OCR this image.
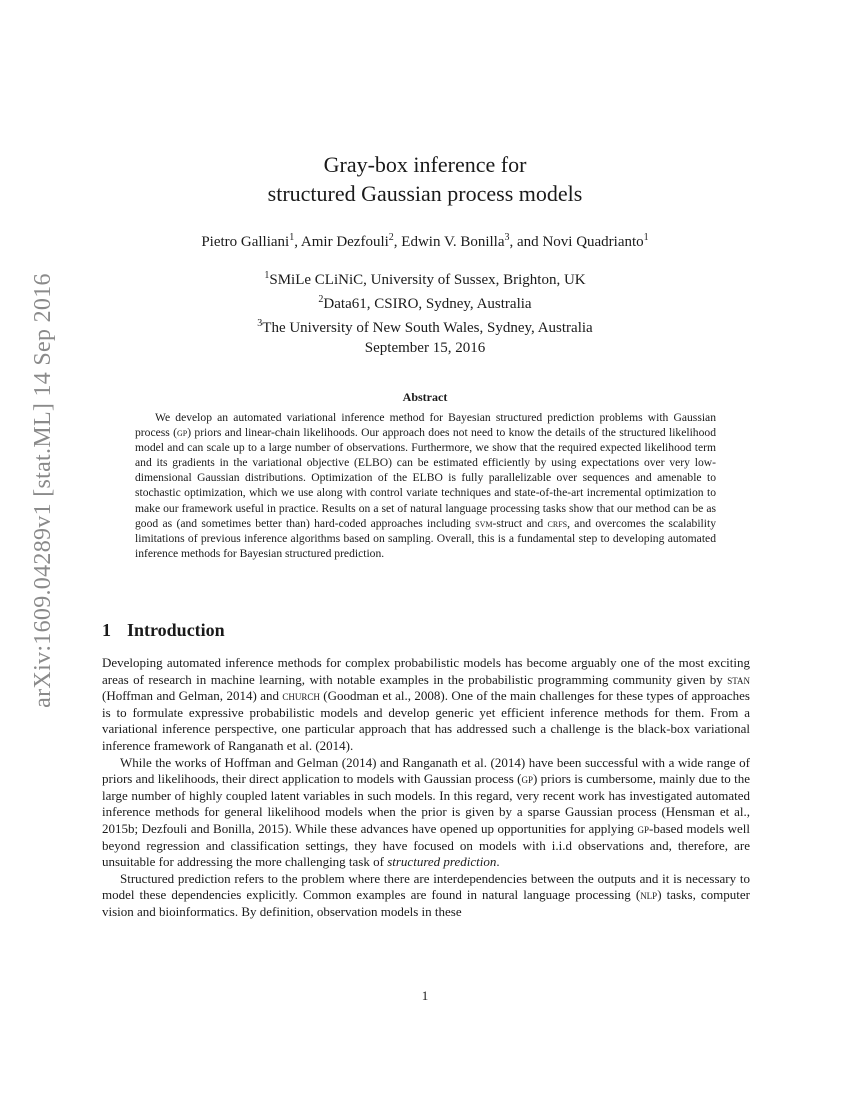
arXiv:1609.04289v1 [stat.ML] 14 Sep 2016
Gray-box inference for
structured Gaussian process models
Pietro Galliani$^1$, Amir Dezfouli$^2$, Edwin V. Bonilla$^3$, and Novi Quadrianto$^1$
$^1$SMiLe CLiNiC, University of Sussex, Brighton, UK
$^2$Data61, CSIRO, Sydney, Australia
$^3$The University of New South Wales, Sydney, Australia
September 15, 2016
Abstract
We develop an automated variational inference method for Bayesian structured prediction problems with Gaussian process (gp) priors and linear-chain likelihoods. Our approach does not need to know the details of the structured likelihood model and can scale up to a large number of observations. Furthermore, we show that the required expected likelihood term and its gradients in the variational objective (ELBO) can be estimated efficiently by using expectations over very low-dimensional Gaussian distributions. Optimization of the ELBO is fully parallelizable over sequences and amenable to stochastic optimization, which we use along with control variate techniques and state-of-the-art incremental optimization to make our framework useful in practice. Results on a set of natural language processing tasks show that our method can be as good as (and sometimes better than) hard-coded approaches including svm-struct and crfs, and overcomes the scalability limitations of previous inference algorithms based on sampling. Overall, this is a fundamental step to developing automated inference methods for Bayesian structured prediction.
1 Introduction

Developing automated inference methods for complex probabilistic models has become arguably one of the most exciting areas of research in machine learning, with notable examples in the probabilistic programming community given by stan (Hoffman and Gelman, 2014) and church (Goodman et al., 2008). One of the main challenges for these types of approaches is to formulate expressive probabilistic models and develop generic yet efficient inference methods for them. From a variational inference perspective, one particular approach that has addressed such a challenge is the black-box variational inference framework of Ranganath et al. (2014).

While the works of Hoffman and Gelman (2014) and Ranganath et al. (2014) have been successful with a wide range of priors and likelihoods, their direct application to models with Gaussian process (gp) priors is cumbersome, mainly due to the large number of highly coupled latent variables in such models. In this regard, very recent work has investigated automated inference methods for general likelihood models when the prior is given by a sparse Gaussian process (Hensman et al., 2015b; Dezfouli and Bonilla, 2015). While these advances have opened up opportunities for applying gp-based models well beyond regression and classification settings, they have focused on models with i.i.d observations and, therefore, are unsuitable for addressing the more challenging task of structured prediction.

Structured prediction refers to the problem where there are interdependencies between the outputs and it is necessary to model these dependencies explicitly. Common examples are found in natural language processing (nlp) tasks, computer vision and bioinformatics. By definition, observation models in these

1
